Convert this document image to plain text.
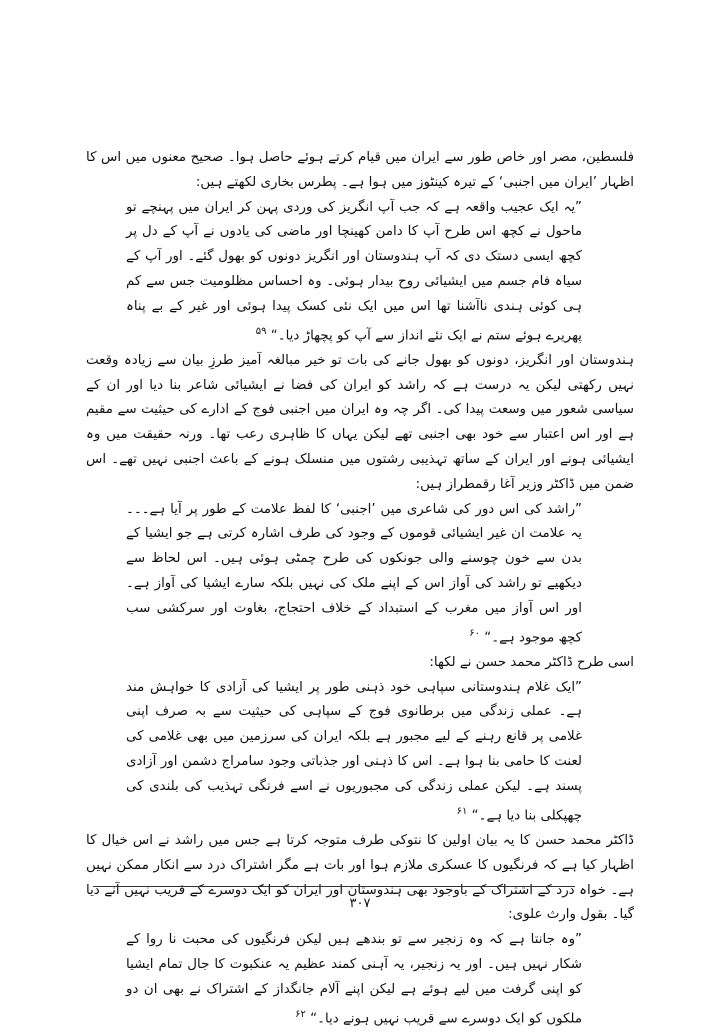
فلسطین، مصر اور خاص طور سے ایران میں قیام کرتے ہوئے حاصل ہوا۔ صحیح معنوں میں اس کا اظہار ’ایران میں اجنبی‘ کے تیرہ کینٹوز میں ہوا ہے۔ پطرس بخاری لکھتے ہیں:

”یہ ایک عجیب واقعہ ہے کہ جب آپ انگریز کی وردی پہن کر ایران میں پہنچے تو ماحول نے کچھ اس طرح آپ کا دامن کھینچا اور ماضی کی یادوں نے آپ کے دل پر کچھ ایسی دستک دی کہ آپ ہندوستان اور انگریز دونوں کو بھول گئے۔ اور آپ کے سیاہ فام جسم میں ایشیائی روح بیدار ہوئی۔ وہ احساس مظلومیت جس سے کم ہی کوئی ہندی ناآشنا تھا اس میں ایک نئی کسک پیدا ہوئی اور غیر کے بے پناہ پھریرے ہوئے ستم نے ایک نئے انداز سے آپ کو پچھاڑ دیا۔“ $^{۵۹}$

ہندوستان اور انگریز، دونوں کو بھول جانے کی بات تو خیر مبالغہ آمیز طرزِ بیان سے زیادہ وقعت نہیں رکھتی لیکن یہ درست ہے کہ راشد کو ایران کی فضا نے ایشیائی شاعر بنا دیا اور ان کے سیاسی شعور میں وسعت پیدا کی۔ اگر چہ وہ ایران میں اجنبی فوج کے ادارے کی حیثیت سے مقیم ہے اور اس اعتبار سے خود بھی اجنبی تھے لیکن یہاں کا ظاہری رعب تھا۔ ورنہ حقیقت میں وہ ایشیائی ہونے اور ایران کے ساتھ تہذیبی رشتوں میں منسلک ہونے کے باعث اجنبی نہیں تھے۔ اس ضمن میں ڈاکٹر وزیر آغا رقمطراز ہیں:

”راشد کی اس دور کی شاعری میں ’اجنبی‘ کا لفظ علامت کے طور پر آیا ہے۔۔۔ یہ علامت ان غیر ایشیائی قوموں کے وجود کی طرف اشارہ کرتی ہے جو ایشیا کے بدن سے خون چوسنے والی جونکوں کی طرح چمٹی ہوئی ہیں۔ اس لحاظ سے دیکھیے تو راشد کی آواز اس کے اپنے ملک کی نہیں بلکہ سارے ایشیا کی آواز ہے۔ اور اس آواز میں مغرب کے استبداد کے خلاف احتجاج، بغاوت اور سرکشی سب کچھ موجود ہے۔“ $^{۶۰}$

اسی طرح ڈاکٹر محمد حسن نے لکھا:

”ایک غلام ہندوستانی سپاہی خود ذہنی طور پر ایشیا کی آزادی کا خواہش مند ہے۔ عملی زندگی میں برطانوی فوج کے سپاہی کی حیثیت سے بہ صرف اپنی غلامی پر قانع رہنے کے لیے مجبور ہے بلکہ ایران کی سرزمین میں بھی غلامی کی لعنت کا حامی بنا ہوا ہے۔ اس کا ذہنی اور جذباتی وجود سامراج دشمن اور آزادی پسند ہے۔ لیکن عملی زندگی کی مجبوریوں نے اسے فرنگی تہذیب کی بلندی کی چھپکلی بنا دیا ہے۔“ $^{۶۱}$

ڈاکٹر محمد حسن کا یہ بیان اولین کا نتوکی طرف متوجہ کرتا ہے جس میں راشد نے اس خیال کا اظہار کیا ہے کہ فرنگیوں کا عسکری ملازم ہوا اور بات ہے مگر اشتراک درد سے انکار ممکن نہیں ہے۔ خواہ درد کے اشتراک کے باوجود بھی ہندوستان اور ایران کو ایک دوسرے کے قریب نہیں آنے دیا گیا۔ بقول وارث علوی:

”وہ جانتا ہے کہ وہ زنجیر سے تو بندھے ہیں لیکن فرنگیوں کی محبت نا روا کے شکار نہیں ہیں۔ اور یہ زنجیر، یہ آہنی کمند عظیم یہ عنکبوت کا جال تمام ایشیا کو اپنی گرفت میں لیے ہوئے ہے لیکن اپنے آلام جانگداز کے اشتراک نے بھی ان دو ملکوں کو ایک دوسرے سے قریب نہیں ہونے دیا۔“ $^{۶۲}$

۳۰۷
